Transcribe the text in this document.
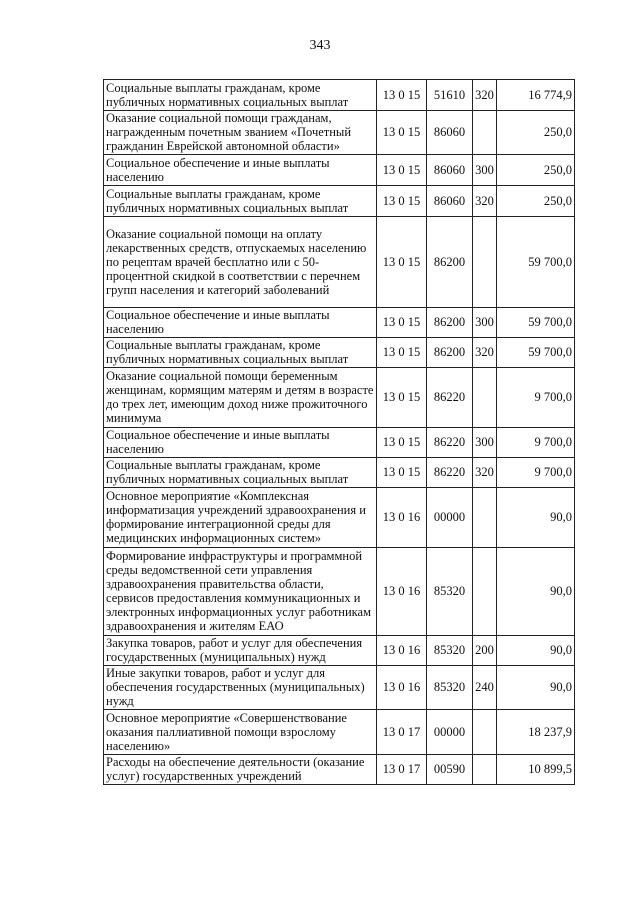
343
Социальные выплаты гражданам, кроме публичных нормативных социальных выплат	13 0 15	51610	320	16 774,9
Оказание социальной помощи гражданам, награжденным почетным званием «Почетный гражданин Еврейской автономной области»	13 0 15	86060		250,0
Социальное обеспечение и иные выплаты населению	13 0 15	86060	300	250,0
Социальные выплаты гражданам, кроме публичных нормативных социальных выплат	13 0 15	86060	320	250,0
Оказание социальной помощи на оплату лекарственных средств, отпускаемых населению по рецептам врачей бесплатно или с 50-процентной скидкой в соответствии с перечнем групп населения и категорий заболеваний	13 0 15	86200		59 700,0
Социальное обеспечение и иные выплаты населению	13 0 15	86200	300	59 700,0
Социальные выплаты гражданам, кроме публичных нормативных социальных выплат	13 0 15	86200	320	59 700,0
Оказание социальной помощи беременным женщинам, кормящим матерям и детям в возрасте до трех лет, имеющим доход ниже прожиточного минимума	13 0 15	86220		9 700,0
Социальное обеспечение и иные выплаты населению	13 0 15	86220	300	9 700,0
Социальные выплаты гражданам, кроме публичных нормативных социальных выплат	13 0 15	86220	320	9 700,0
Основное мероприятие «Комплексная информатизация учреждений здравоохранения и формирование интеграционной среды для медицинских информационных систем»	13 0 16	00000		90,0
Формирование инфраструктуры и программной среды ведомственной сети управления здравоохранения правительства области, сервисов предоставления коммуникационных и электронных информационных услуг работникам здравоохранения и жителям ЕАО	13 0 16	85320		90,0
Закупка товаров, работ и услуг для обеспечения государственных (муниципальных) нужд	13 0 16	85320	200	90,0
Иные закупки товаров, работ и услуг для обеспечения государственных (муниципальных) нужд	13 0 16	85320	240	90,0
Основное мероприятие «Совершенствование оказания паллиативной помощи взрослому населению»	13 0 17	00000		18 237,9
Расходы на обеспечение деятельности (оказание услуг) государственных учреждений	13 0 17	00590		10 899,5
